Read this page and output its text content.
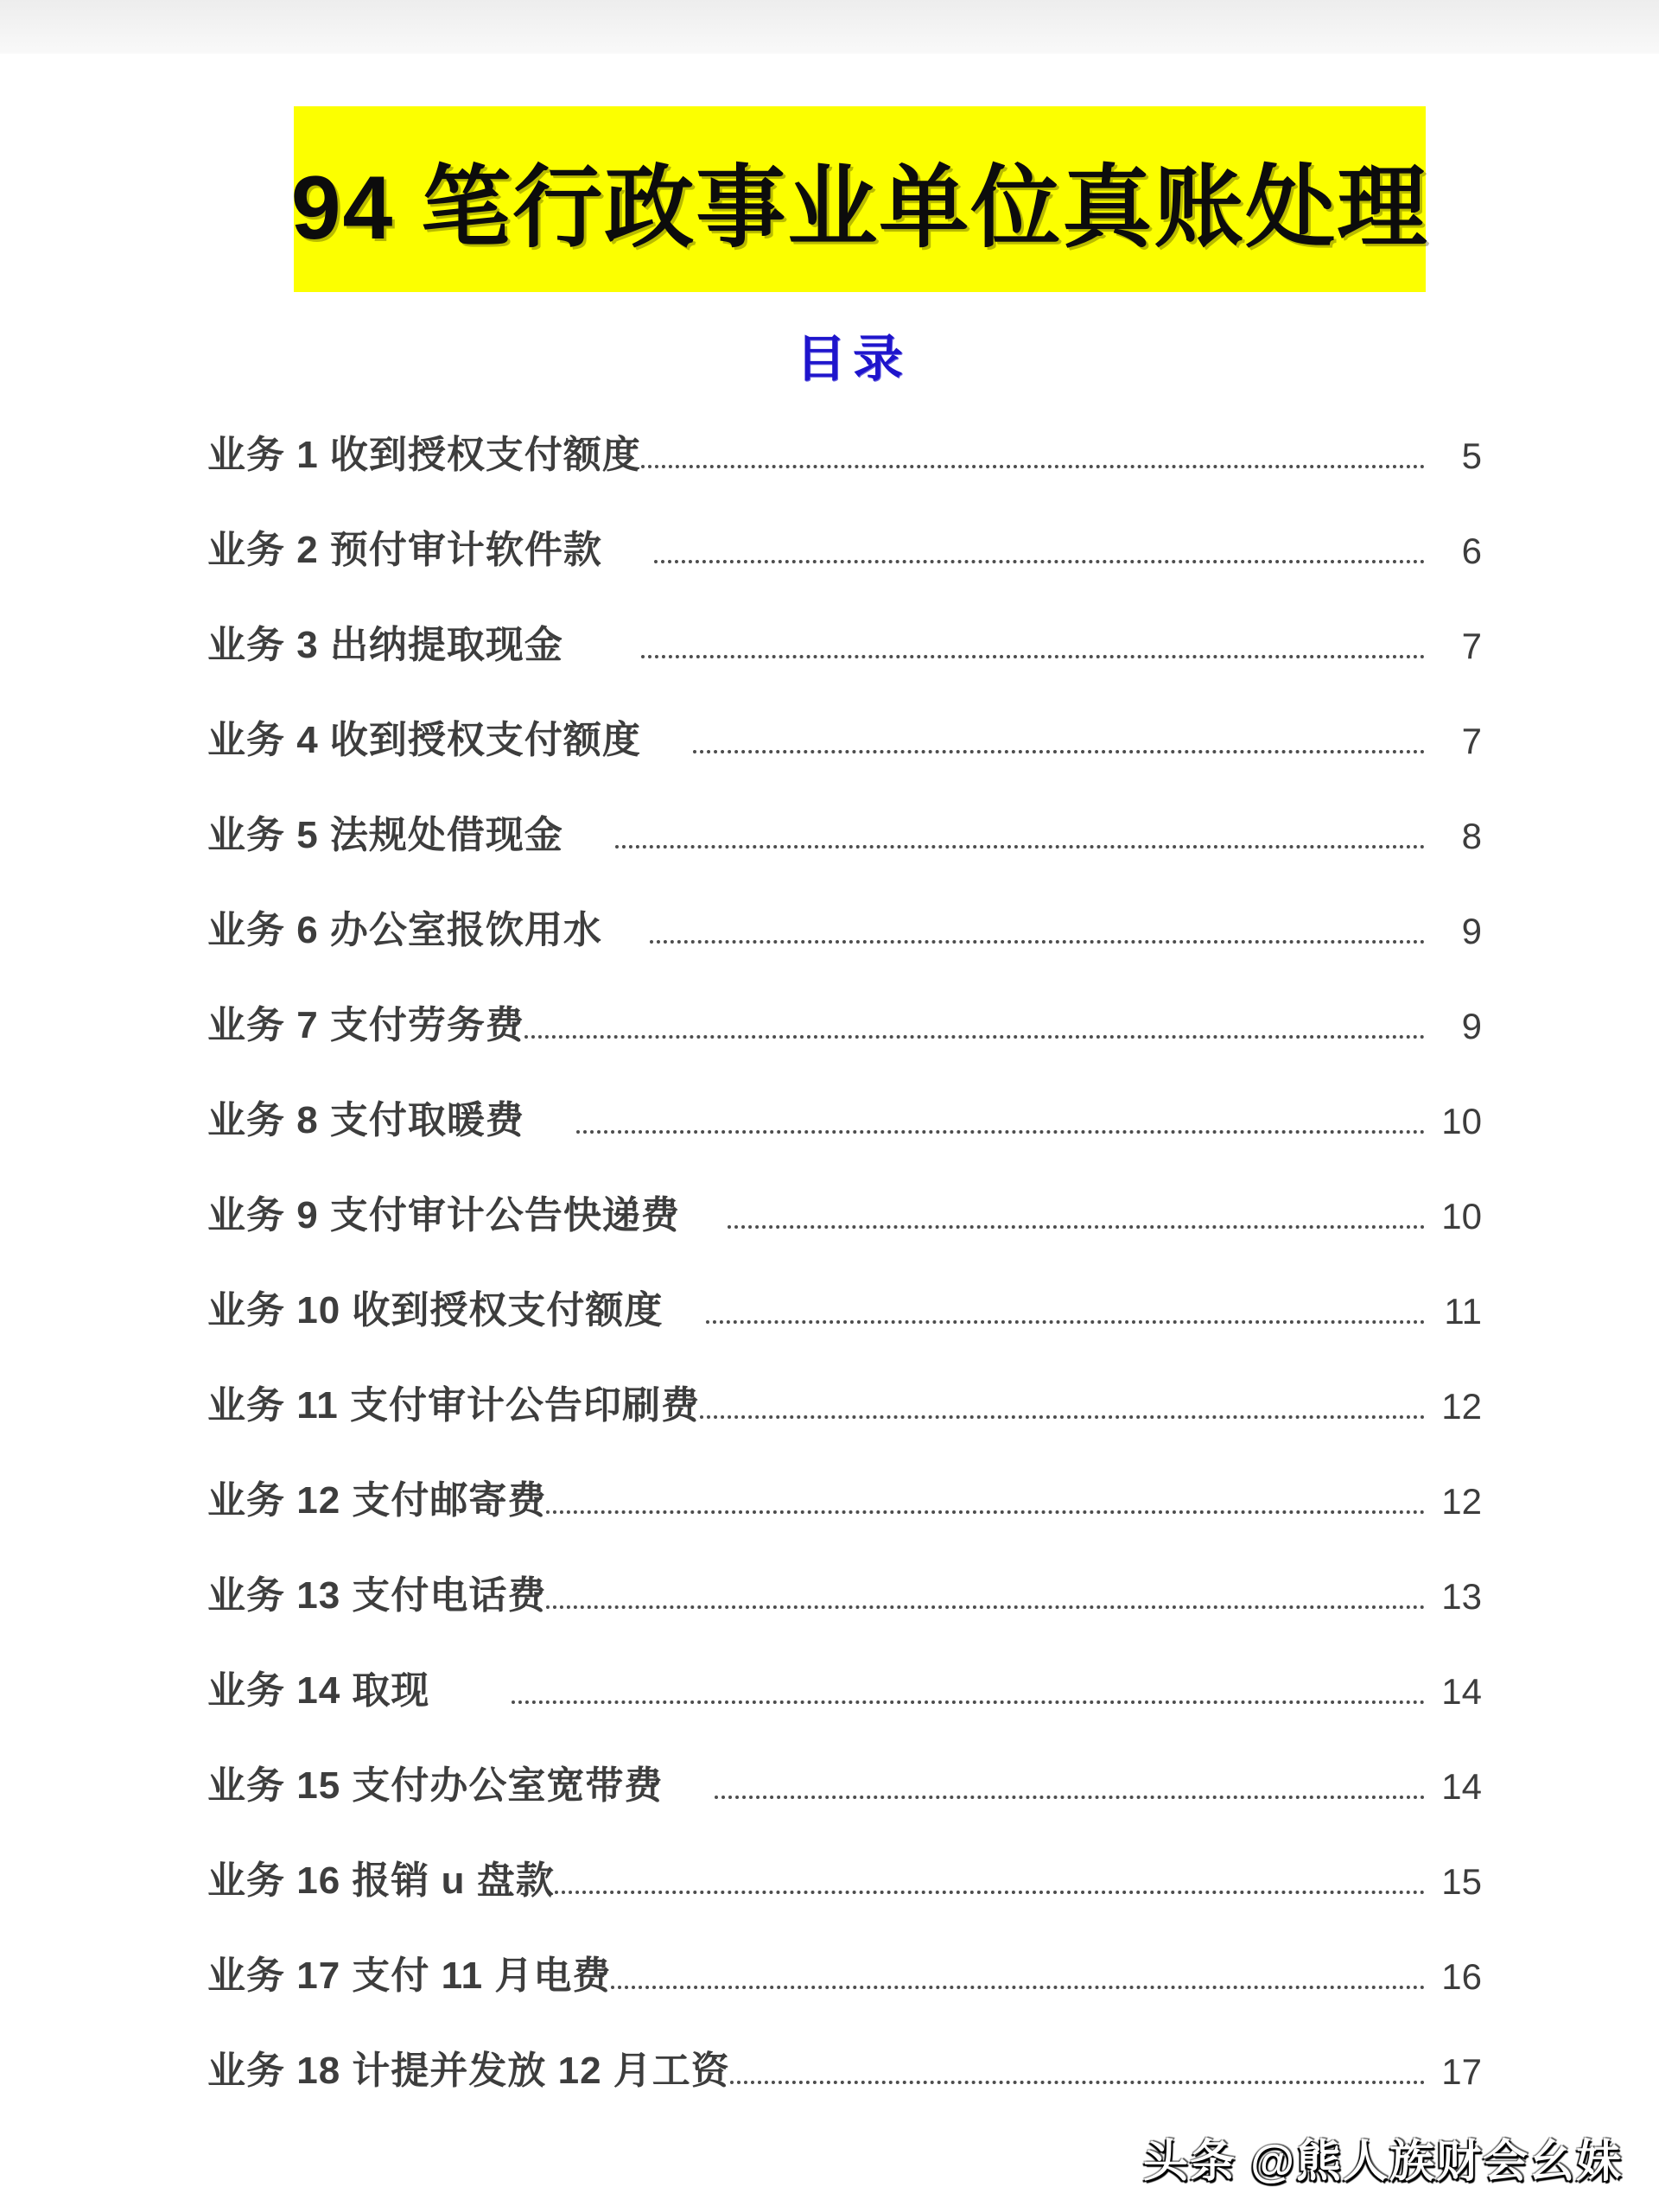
94 笔行政事业单位真账处理
目录
业务 1 收到授权支付额度	5
业务 2 预付审计软件款	6
业务 3 出纳提取现金	7
业务 4 收到授权支付额度	7
业务 5 法规处借现金	8
业务 6 办公室报饮用水	9
业务 7 支付劳务费	9
业务 8 支付取暖费	10
业务 9 支付审计公告快递费	10
业务 10 收到授权支付额度	11
业务 11 支付审计公告印刷费	12
业务 12 支付邮寄费	12
业务 13 支付电话费	13
业务 14 取现	14
业务 15 支付办公室宽带费	14
业务 16 报销 u 盘款	15
业务 17 支付 11 月电费	16
业务 18 计提并发放 12 月工资	17
头条 @熊人族财会幺妹
